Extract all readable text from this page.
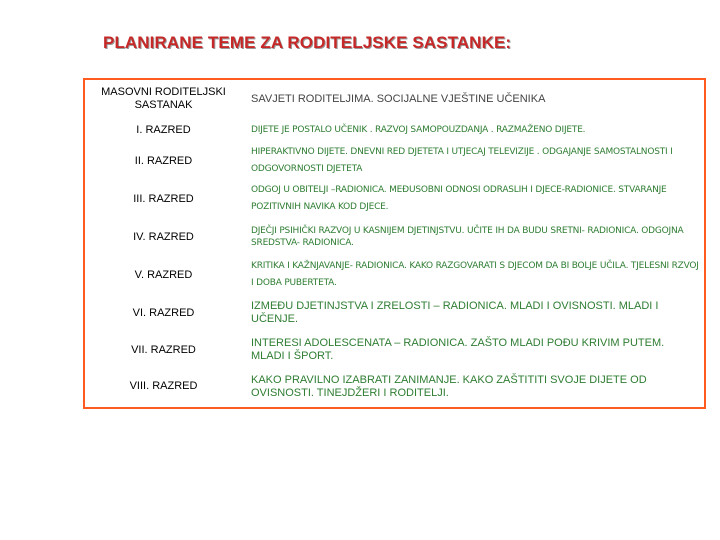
PLANIRANE TEME ZA RODITELJSKE SASTANKE:
MASOVNI RODITELJSKI SASTANAK
SAVJETI RODITELJIMA. SOCIJALNE VJEŠTINE UČENIKA
I. RAZRED	DIJETE JE POSTALO UČENIK . RAZVOJ SAMOPOUZDANJA . RAZMAŽENO DIJETE.
II. RAZRED
HIPERAKTIVNO DIJETE. DNEVNI RED DJETETA I UTJECAJ TELEVIZIJE . ODGAJANJE SAMOSTALNOSTI I ODGOVORNOSTI DJETETA
III. RAZRED
ODGOJ U OBITELJI –RADIONICA. MEĐUSOBNI ODNOSI ODRASLIH I DJECE-RADIONICE. STVARANJE POZITIVNIH NAVIKA KOD DJECE.
IV. RAZRED	DJEČJI PSIHIČKI RAZVOJ U KASNIJEM DJETINJSTVU. UČITE IH DA BUDU SRETNI- RADIONICA. ODGOJNA SREDSTVA- RADIONICA.
V. RAZRED
KRITIKA I KAŽNJAVANJE- RADIONICA. KAKO RAZGOVARATI S DJECOM DA BI BOLJE UČILA. TJELESNI RZVOJ I DOBA PUBERTETA.
VI. RAZRED
IZMEĐU DJETINJSTVA I ZRELOSTI – RADIONICA. MLADI I OVISNOSTI. MLADI I UČENJE.
VII. RAZRED
INTERESI ADOLESCENATA – RADIONICA. ZAŠTO MLADI POĐU KRIVIM PUTEM. MLADI I ŠPORT.
VIII. RAZRED
KAKO PRAVILNO IZABRATI ZANIMANJE. KAKO ZAŠTITITI SVOJE DIJETE OD OVISNOSTI. TINEJDŽERI I RODITELJI.
